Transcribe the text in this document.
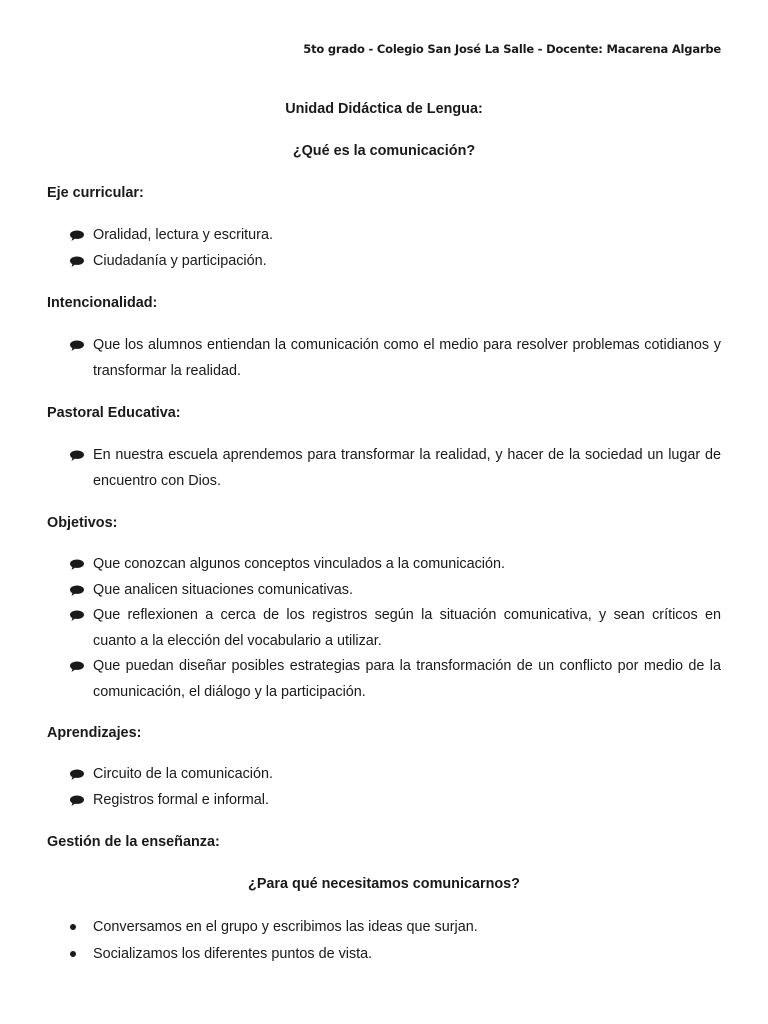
5to grado - Colegio San José La Salle - Docente: Macarena Algarbe
Unidad Didáctica de Lengua:
¿Qué es la comunicación?
Eje curricular:
Oralidad, lectura y escritura.
Ciudadanía y participación.
Intencionalidad:
Que los alumnos entiendan la comunicación como el medio para resolver problemas cotidianos y transformar la realidad.
Pastoral Educativa:
En nuestra escuela aprendemos para transformar la realidad, y hacer de la sociedad un lugar de encuentro con Dios.
Objetivos:
Que conozcan algunos conceptos vinculados a la comunicación.
Que analicen situaciones comunicativas.
Que reflexionen a cerca de los registros según la situación comunicativa, y sean críticos en cuanto a la elección del vocabulario a utilizar.
Que puedan diseñar posibles estrategias para la transformación de un conflicto por medio de la comunicación, el diálogo y la participación.
Aprendizajes:
Circuito de la comunicación.
Registros formal e informal.
Gestión de la enseñanza:
¿Para qué necesitamos comunicarnos?
Conversamos en el grupo y escribimos las ideas que surjan.
Socializamos los diferentes puntos de vista.
